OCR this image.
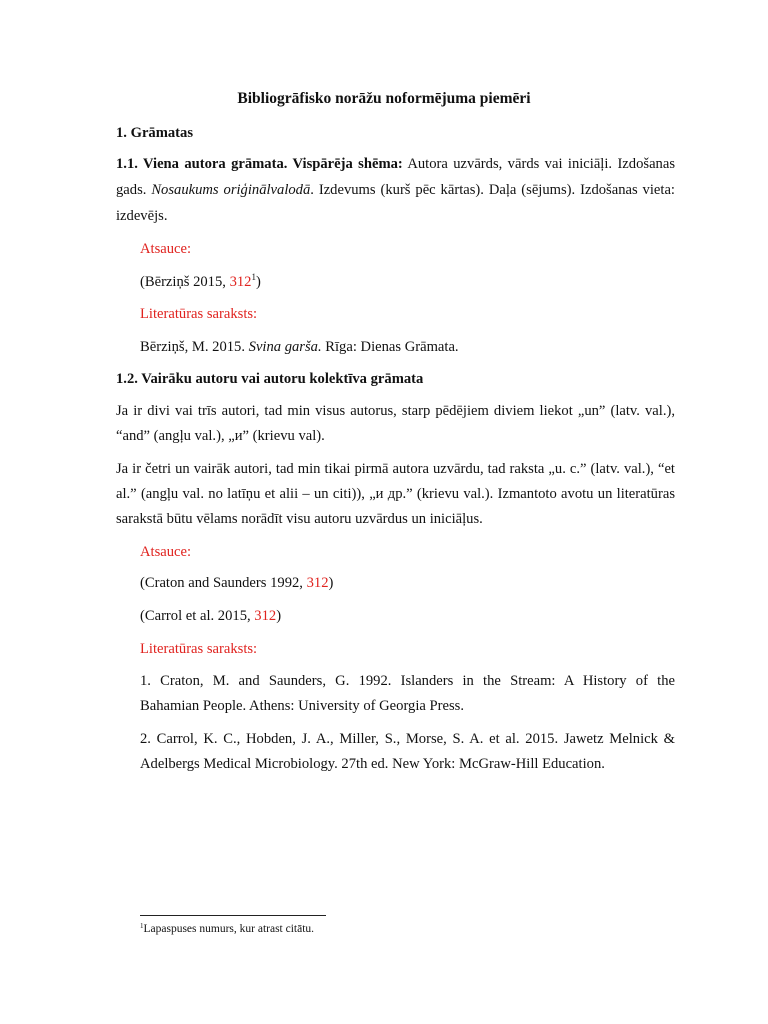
Bibliogrāfisko norāžu noformējuma piemēri
1. Grāmatas
1.1. Viena autora grāmata. Vispārēja shēma: Autora uzvārds, vārds vai iniciāļi. Izdošanas
gads. Nosaukums oriģinālvalodā. Izdevums (kurš pēc kārtas). Daļa (sējums). Izdošanas vieta:
izdevējs.
Atsauce:
(Bērziņš 2015, $312^1$)
Literatūras saraksts:
Bērziņš, M. 2015. Svina garša. Rīga: Dienas Grāmata.
1.2. Vairāku autoru vai autoru kolektīva grāmata
Ja ir divi vai trīs autori, tad min visus autorus, starp pēdējiem diviem liekot „un” (latv. val.),
“and” (angļu val.), „и” (krievu val).
Ja ir četri un vairāk autori, tad min tikai pirmā autora uzvārdu, tad raksta „u. c.” (latv. val.), “et
al.” (angļu val. no latīņu et alii – un citi)), „и др.” (krievu val.). Izmantoto avotu un literatūras
sarakstā būtu vēlams norādīt visu autoru uzvārdus un iniciāļus.
Atsauce:
(Craton and Saunders 1992, 312)
(Carrol et al. 2015, 312)
Literatūras saraksts:
1. Craton, M. and Saunders, G. 1992. Islanders in the Stream: A History of the
Bahamian People. Athens: University of Georgia Press.
2. Carrol, K. C., Hobden, J. A., Miller, S., Morse, S. A. et al. 2015. Jawetz Melnick &
Adelbergs Medical Microbiology. 27th ed. New York: McGraw-Hill Education.
$^1$Lapaspuses numurs, kur atrast citātu.
